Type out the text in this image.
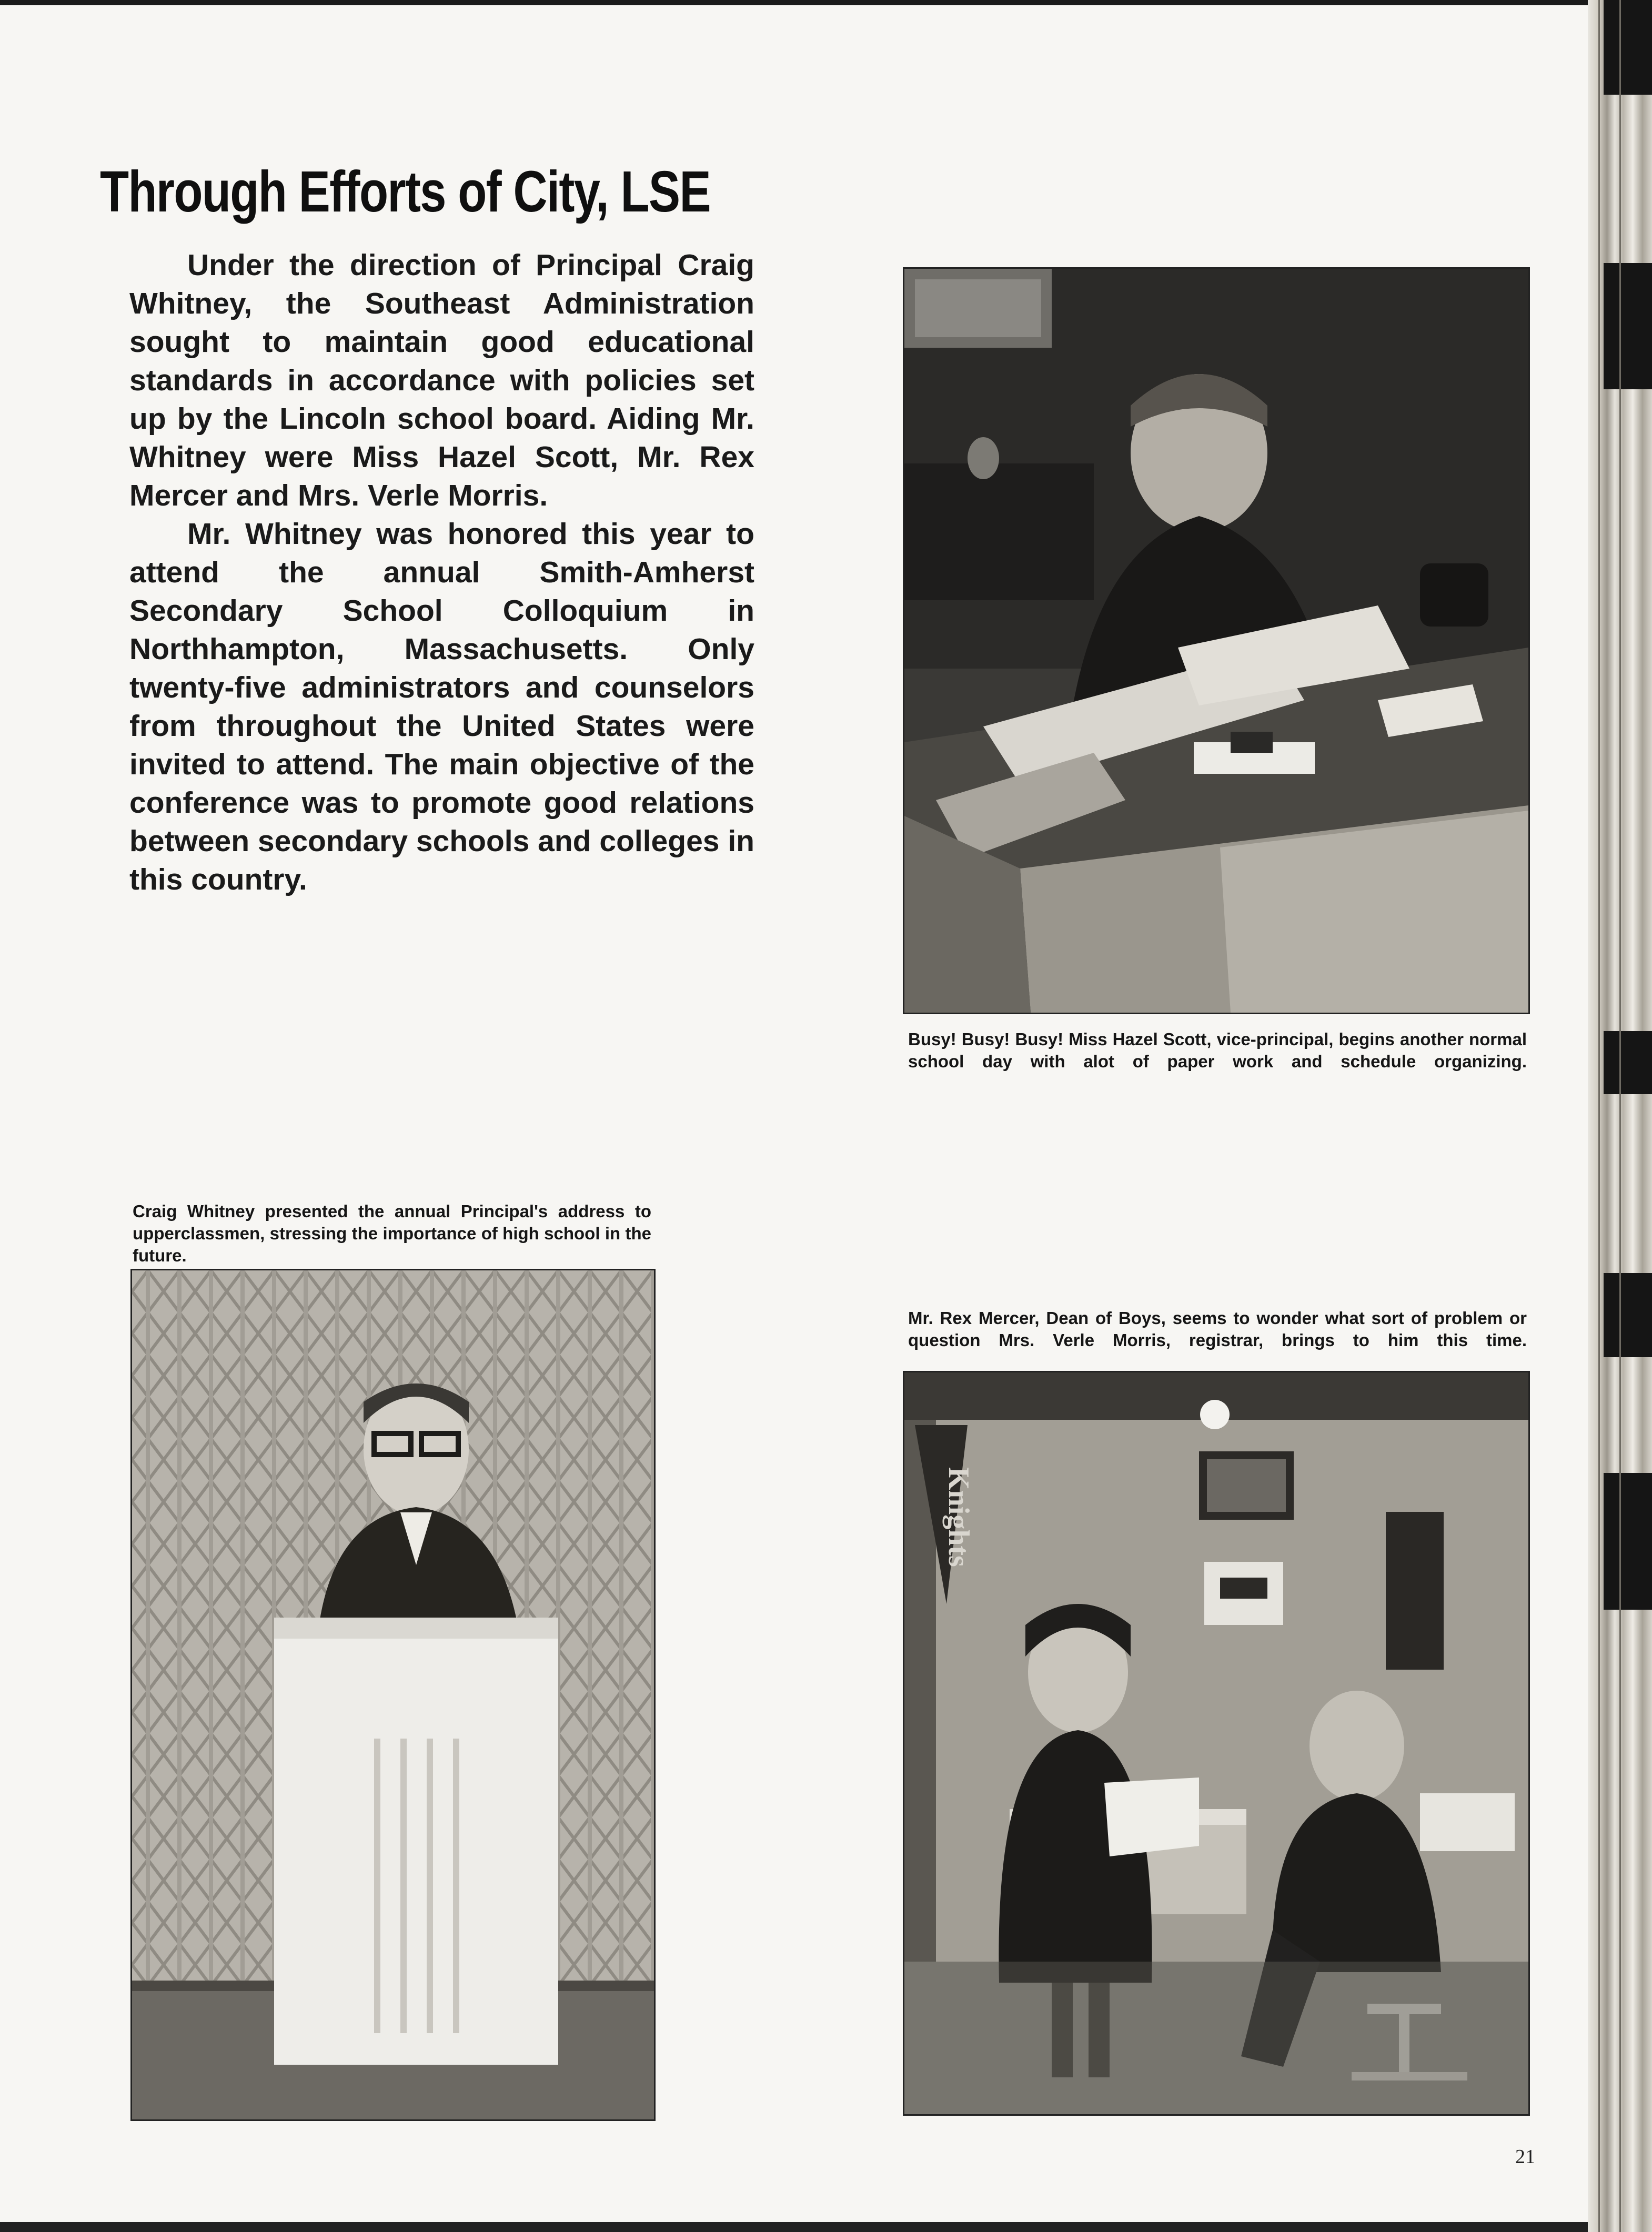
Through Efforts of City, LSE

Under the direction of Principal Craig Whitney, the Southeast Administration sought to maintain good educational standards in accordance with policies set up by the Lincoln school board. Aiding Mr. Whitney were Miss Hazel Scott, Mr. Rex Mercer and Mrs. Verle Morris.

Mr. Whitney was honored this year to attend the annual Smith-Amherst Secondary School Colloquium in Northhampton, Massachusetts. Only twenty-five administrators and counselors from throughout the United States were invited to attend. The main objective of the conference was to promote good relations between secondary schools and colleges in this country.

Busy! Busy! Busy! Miss Hazel Scott, vice-principal, begins another normal school day with alot of paper work and schedule organizing.
Craig Whitney presented the annual Principal's address to upperclassmen, stressing the importance of high school in the future.
Mr. Rex Mercer, Dean of Boys, seems to wonder what sort of problem or question Mrs. Verle Morris, registrar, brings to him this time.
Knights
21
